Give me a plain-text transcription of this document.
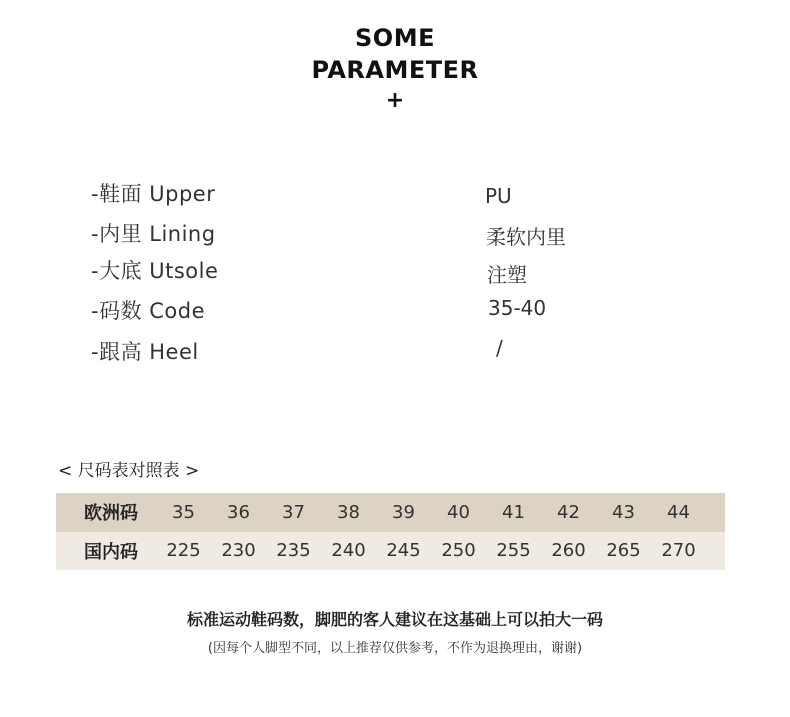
SOME
PARAMETER
+
-鞋面 Upper	PU
-内里 Lining	柔软内里
-大底 Utsole	注塑
-码数 Code	35-40
-跟高 Heel	/
< 尺码表对照表 >
欧洲码	35	36	37	38	39	40	41	42	43	44
国内码	225	230	235	240	245	250	255	260	265	270
标准运动鞋码数，脚肥的客人建议在这基础上可以拍大一码
(因每个人脚型不同，以上推荐仅供参考，不作为退换理由，谢谢)
